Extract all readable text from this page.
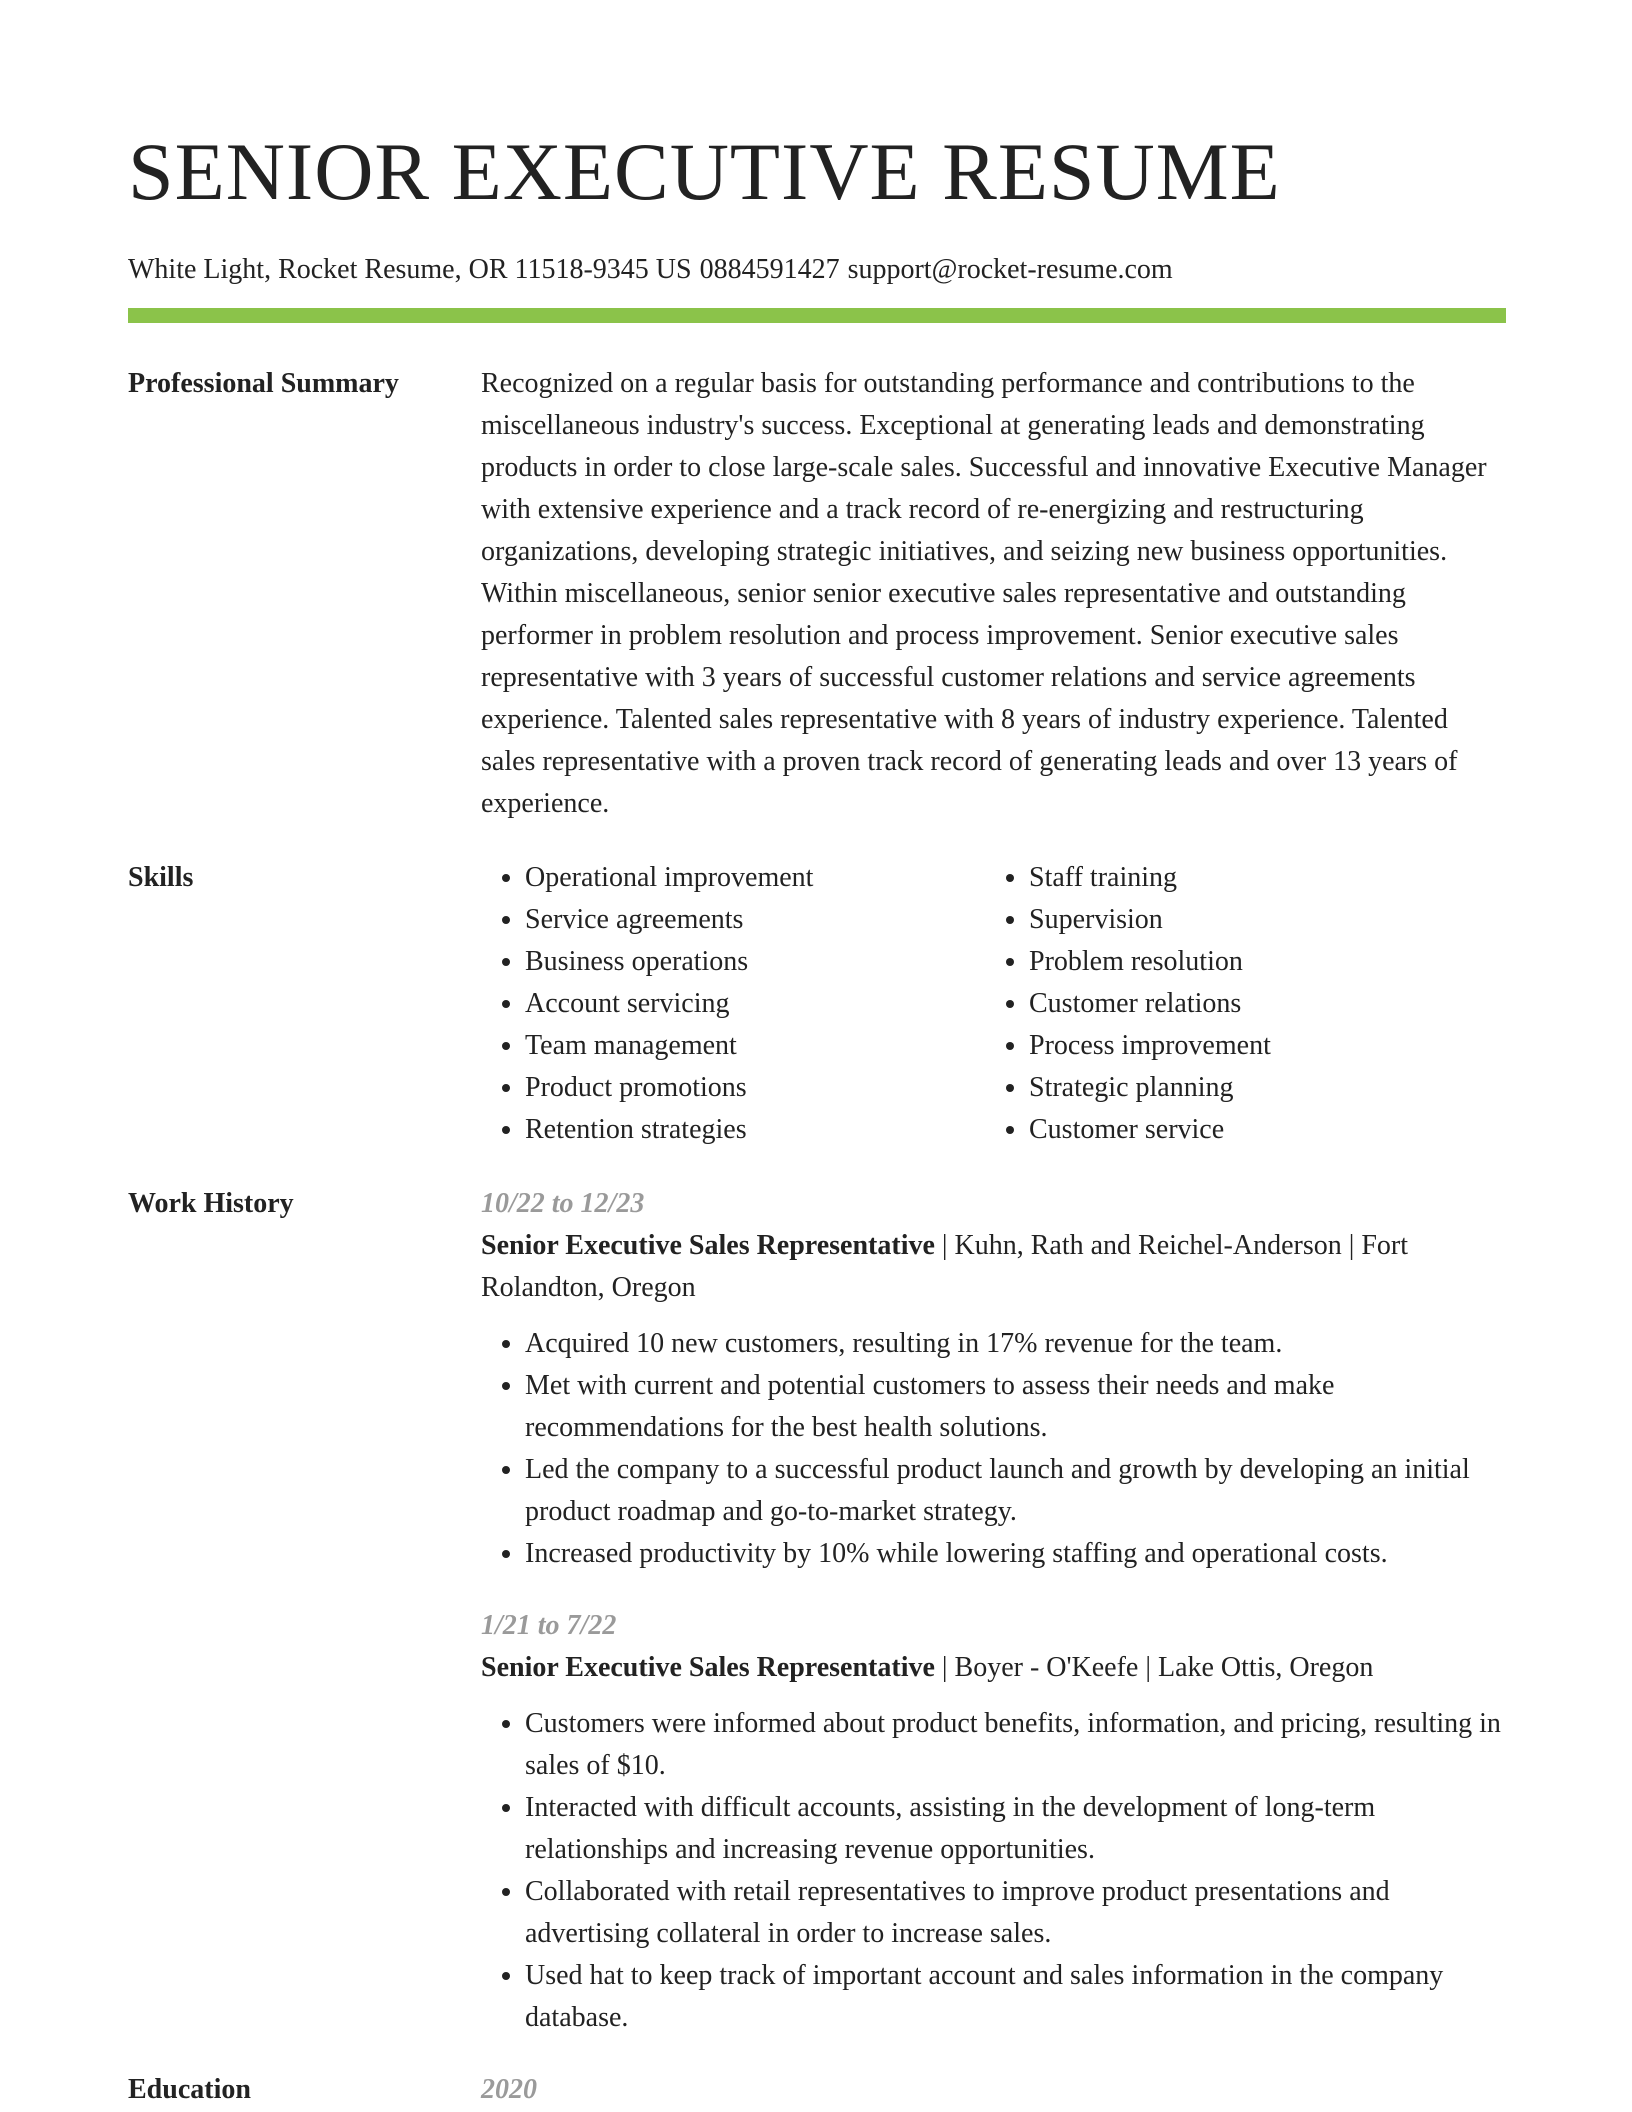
SENIOR EXECUTIVE RESUME
White Light, Rocket Resume, OR 11518-9345 US 0884591427 support@rocket-resume.com
Professional Summary	Recognized on a regular basis for outstanding performance and contributions to the miscellaneous industry's success. Exceptional at generating leads and demonstrating products in order to close large-scale sales. Successful and innovative Executive Manager with extensive experience and a track record of re-energizing and restructuring organizations, developing strategic initiatives, and seizing new business opportunities. Within miscellaneous, senior senior executive sales representative and outstanding performer in problem resolution and process improvement. Senior executive sales representative with 3 years of successful customer relations and service agreements experience. Talented sales representative with 8 years of industry experience. Talented sales representative with a proven track record of generating leads and over 13 years of experience.

Skills
•	Operational improvement
• Service agreements
• Business operations
• Account servicing
• Team management
• Product promotions
• Retention strategies
• Staff training
• Supervision
• Problem resolution
• Customer relations
• Process improvement
• Strategic planning
• Customer service
Work History	10/22 to 12/23
Senior Executive Sales Representative | Kuhn, Rath and Reichel-Anderson | Fort Rolandton, Oregon
• Acquired 10 new customers, resulting in 17% revenue for the team.
• Met with current and potential customers to assess their needs and make recommendations for the best health solutions.
• Led the company to a successful product launch and growth by developing an initial product roadmap and go-to-market strategy.
• Increased productivity by 10% while lowering staffing and operational costs.
1/21 to 7/22
Senior Executive Sales Representative | Boyer - O'Keefe | Lake Ottis, Oregon
• Customers were informed about product benefits, information, and pricing, resulting in sales of $10.
• Interacted with difficult accounts, assisting in the development of long-term relationships and increasing revenue opportunities.
• Collaborated with retail representatives to improve product presentations and advertising collateral in order to increase sales.
• Used hat to keep track of important account and sales information in the company database.
Education	2020
